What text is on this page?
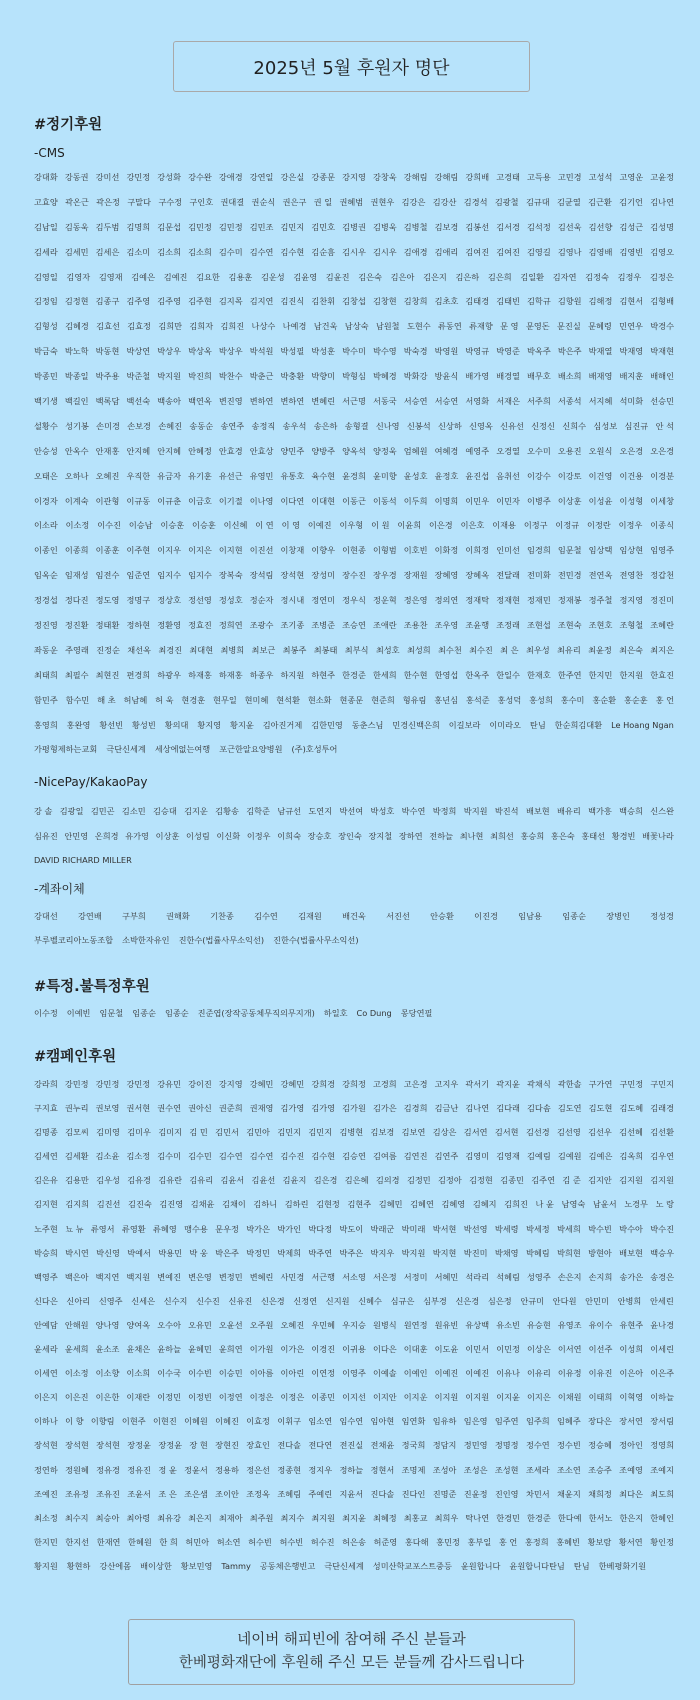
2025년 5월 후원자 명단
#정기후원
-CMS
강대화 강동권 강미선 강민정 강성화 강수완 강애경 강연일 강은실 강종문 강지영 강창욱 강해림 강해림 강희배 고경태 고득용 고민경 고성석 고영운 고윤정
고효양 곽온근 곽은정 구말다 구수정 구인호 권대결 권순식 권은구 권 일 권혜범 권현우 김강은 김강산 김경석 김광철 김규대 김균열 김근환 김기언 김나연
김남일 김동욱 김두범 김명희 김문섭 김민정 김민정 김민조 김민지 김민호 김병권 김병욱 김병철 김보경 김봉선 김서경 김석정 김선욱 김선향 김성근 김성명
김세라 김세민 김세은 김소미 김소희 김소희 김수미 김수연 김수현 김순흠 김시우 김시우 김애경 김애리 김여진 김여진 김영길 김영나 김영배 김영빈 김영오
김영일 김영자 김영재 김예은 김예진 김요한 김용훈 김운성 김윤영 김윤진 김은숙 김은아 김은지 김은하 김은희 김일환 김자연 김정숙 김정우 김정은
김정임 김정현 김종구 김주영 김주영 김주현 김지목 김지연 김진식 김찬휘 김창섭 김창현 김창희 김초호 김태경 김태빈 김학규 김향원 김해정 김현서 김형배
김형성 김혜경 김효선 김효정 김희만 김희자 김희진 나상수 나예경 남건욱 남상숙 남원철 도현수 류동연 류재향 문 영 문영돈 문진실 문혜령 민연우 박경수
박금숙 박노학 박동현 박상연 박상우 박상옥 박상우 박석원 박성필 박성훈 박수미 박수영 박숙경 박영원 박영규 박영준 박옥주 박은주 박재열 박재영 박재현
박종민 박종일 박주용 박준철 박지원 박진희 박찬수 박춘근 박충환 박향미 박형심 박혜경 박화강 방윤식 배가영 배경열 배무호 배소희 배재영 배지훈 배해인
백기생 백길인 백록담 백선숙 백송아 백연옥 변진영 변하연 변하연 변혜린 서근명 서동국 서승연 서승연 서영화 서재은 서주희 서종석 서지혜 석미화 선승민
설황수 성기봉 손미경 손보경 손혜진 송동순 송연주 송정직 송우석 송은하 송형결 신나영 신봉석 신상하 신영옥 신유선 신정신 신희수 심성보 심진규 안 석
안승성 안옥수 안재홍 안지혜 안지혜 안혜정 안효경 안효상 양민주 양방주 양옥석 양정욱 엄혜원 여혜경 예영주 오경열 오수미 오용진 오원식 오은경 오은경
오태은 오하나 오혜진 우직한 유금자 유기훈 유선근 유영민 유통호 육수현 윤경희 윤미향 윤성호 윤정호 윤진섭 음취선 이강수 이강토 이건영 이건용 이경분
이경자 이계숙 이관형 이규동 이규춘 이금호 이기절 이나영 이다연 이대현 이동근 이동석 이두희 이명희 이민우 이민자 이병주 이상훈 이성윤 이성형 이세창
이소라 이소정 이수진 이승남 이승훈 이승훈 이신혜 이 연 이 영 이예진 이우형 이 원 이윤희 이은경 이은호 이재용 이정구 이정규 이정란 이정우 이종식
이종인 이종희 이종훈 이주현 이지우 이지은 이지현 이진선 이창재 이향우 이현종 이형범 이호빈 이화정 이희정 인미선 임경희 임문철 임상택 임상현 임영주
임옥순 임재성 임전수 임준연 임지수 임지수 장복숙 장석림 장석현 장성미 장수진 장우경 장재원 장혜영 장혜옥 전달래 전미화 전민경 전연옥 전영찬 정갑천
정경섭 정다진 정도영 정명구 정상호 정선영 정성호 정순자 정시내 정연미 정우식 정운혁 정은영 정의연 정재탁 정재현 정재민 정재봉 정주철 정지영 정진미
정진영 정진환 정태환 정하현 정환영 정효진 정희연 조광수 조기종 조병준 조승연 조애란 조용찬 조우영 조윤행 조정래 조현섭 조현숙 조현호 조형철 조혜란
좌동운 주영래 진정순 채선옥 최경진 최대현 최병희 최보근 최봉주 최봉태 최부식 최성호 최성희 최수천 최수진 최 은 최우성 최유리 최윤정 최은숙 최지은
최태희 최필수 최현진 편경희 하광우 하재홍 하재홍 하종우 하지원 하현주 한경준 한세희 한수현 한영섭 한옥주 한일수 한재호 한주연 한지민 한지원 한효진
함민주 함수민 해 초 허남혜 허 욱 현경훈 현무일 현미혜 현석환 현소화 현종문 현준희 형유림 홍년심 홍석준 홍성덕 홍성희 홍수미 홍순환 홍순훈 홍 언
홍영희 홍완영 황선빈 황성빈 황의대 황지영 황지윤 김아진거제 김한민영 동춘스님 민경신백은희 이길보라 이미라오 탄님 한순희김대환 Le Hoang Ngan
가평형제하는교회 극단신세계 세상에없는여행 포근한알요양병원 (주)호성투어
-NicePay/KakaoPay
강 솔 김광일 김민곤 김소민 김승대 김지운 김황송 김학준 남규선 도연지 박선여 박성호 박수연 박정희 박지원 박진석 배보현 배유리 백가흥 백승희 신스완
심유진 안민영 온희경 유가영 이상훈 이성림 이신화 이정우 이희숙 장승호 장인숙 장지철 장하연 전하늘 최나현 최희선 홍승희 홍은숙 홍태선 황경빈 배꽃나라
DAVID RICHARD MILLER
-계좌이체
강대선 강연배 구부희 권해화 기찬종 김수연 김재원 배건욱 서진선 안승환 이진경 임남용 임종순 장병인 정성경
부루벨코리아노동조합 소박한자유인 진한수(법률사무소익선) 진한수(법률사무소익선)
#특정.불특정후원
이수정 이예빈 임문철 임종순 임종순 진준엽(장작공동체무직의무지개) 하일호 Co Dung 몽당연필
#캠페인후원
강라희 강민정 강민정 강민정 강유민 강이진 강지영 강혜민 강혜민 강희경 강희정 고경희 고은경 고지우 곽서기 곽지윤 곽채식 곽한솔 구가연 구민정 구민지
구지효 권누리 권보영 권서현 권수연 권아신 권준희 권재영 김가영 김가영 김가원 김가은 김경희 김금난 김나연 김다래 김다솜 김도연 김도현 김도혜 김래경
김명종 김모씨 김미영 김미우 김미지 김 민 김민서 김민아 김민지 김민지 김병현 김보경 김보연 김상은 김서연 김서현 김선경 김선영 김선우 김선혜 김선환
김세연 김세환 김소윤 김소정 김수미 김수민 김수연 김수연 김수진 김수현 김승연 김여름 김연진 김연주 김영미 김영재 김예림 김예원 김예은 김옥희 김우연
김은유 김용만 김우성 김유경 김유란 김유리 김윤서 김윤선 김윤지 김은경 김은혜 김의경 김정민 김정아 김정현 김종민 김주연 김 준 김지안 김지원 김지원
김지현 김지희 김진선 김진숙 김진영 김채윤 김채이 김하니 김하린 김현정 김현주 김혜민 김혜연 김혜영 김혜지 김희진 나 윤 남영숙 남윤서 노경무 노 랑
노주현 뇨 뉴 류영서 류영환 류혜영 맹수용 문우정 박가은 박가인 박다정 박도이 박래군 박미래 박서현 박선영 박세령 박세정 박세희 박수빈 박수아 박수진
박승희 박시연 박신영 박예서 박용민 박 웅 박은주 박정민 박제희 박주연 박주은 박지우 박지원 박지현 박진미 박채영 박혜림 박희현 방현아 배보현 백승우
백영주 백은아 백지연 백지원 변예진 변은영 변정민 변혜린 사민경 서근행 서소영 서은정 서정미 서혜민 석라리 석혜림 성영주 손은지 손지희 송가은 송경은
신다은 신아리 신영주 신세은 신수지 신수진 신유진 신은경 신정연 신지원 신혜수 심규은 심부경 신은경 심은정 안규미 안다원 안민미 안병희 안세린
안예담 안해원 양나영 양여옥 오수아 오유민 오윤선 오주원 오혜진 우민혜 우지승 원병식 원연정 원유빈 유상백 유소빈 유승현 유영조 유이수 유현주 윤나경
윤세라 윤세희 윤소조 윤채은 윤하늘 윤혜민 윤희연 이가원 이가은 이경진 이귀용 이다은 이대훈 이도윤 이민서 이민정 이상은 이서연 이선주 이성희 이세린
이세연 이소정 이소향 이소희 이수국 이수빈 이승민 이아름 이아린 이연정 이영주 이예솔 이예인 이예진 이예진 이유나 이유리 이유정 이유진 이은아 이은주
이은지 이은진 이은한 이재란 이정민 이정빈 이정연 이정은 이정은 이종민 이지선 이지안 이지운 이지원 이지원 이지윤 이지은 이채원 이태희 이혁영 이하늘
이하나 이 향 이향림 이현주 이현진 이혜원 이혜진 이효정 이휘구 임소연 임수연 임아현 임연화 임유하 임은영 임주연 임주희 임혜주 장다은 장서연 장서림
장석현 장석현 장석현 장정윤 장정윤 장 현 장현진 장효인 전다솔 전다연 전진실 전채윤 정국희 정담지 정민영 정명정 정수연 정수빈 정승혜 정아인 정영희
정연하 정원혜 정유경 정유진 정 윤 정윤서 정용하 정은선 정종현 정지우 정하늘 정현서 조명제 조성아 조성은 조성현 조세라 조소연 조승주 조예영 조예지
조예진 조유정 조유진 조윤서 조 은 조은샘 조이안 조정옥 조혜림 주예린 지윤서 진다솔 진다인 진명준 진윤정 진인영 차민서 채윤지 채희정 최다은 최도희
최소정 최수지 최승아 최아령 최유강 최은지 최재아 최주원 최지수 최지원 최지윤 최혜정 최홍교 최희우 탁나연 한경민 한경준 한다예 한서노 한은지 한혜인
한지민 한지선 한재연 한혜원 한 희 허민아 허소연 허수빈 허수빈 허수진 허은송 허준영 홍다해 홍민정 홍부일 홍 언 홍정희 홍혜빈 황보람 황서연 황인정
황지원 황현하 강산에몸 배이상한 황보민영 Tammy 공동체은행빈고 극단신세계 성미산학교포스트중등 윤원합니다 윤원합니다탄님 탄님 한베평화기원
네이버 해피빈에 참여해 주신 분들과
한베평화재단에 후원해 주신 모든 분들께 감사드립니다
